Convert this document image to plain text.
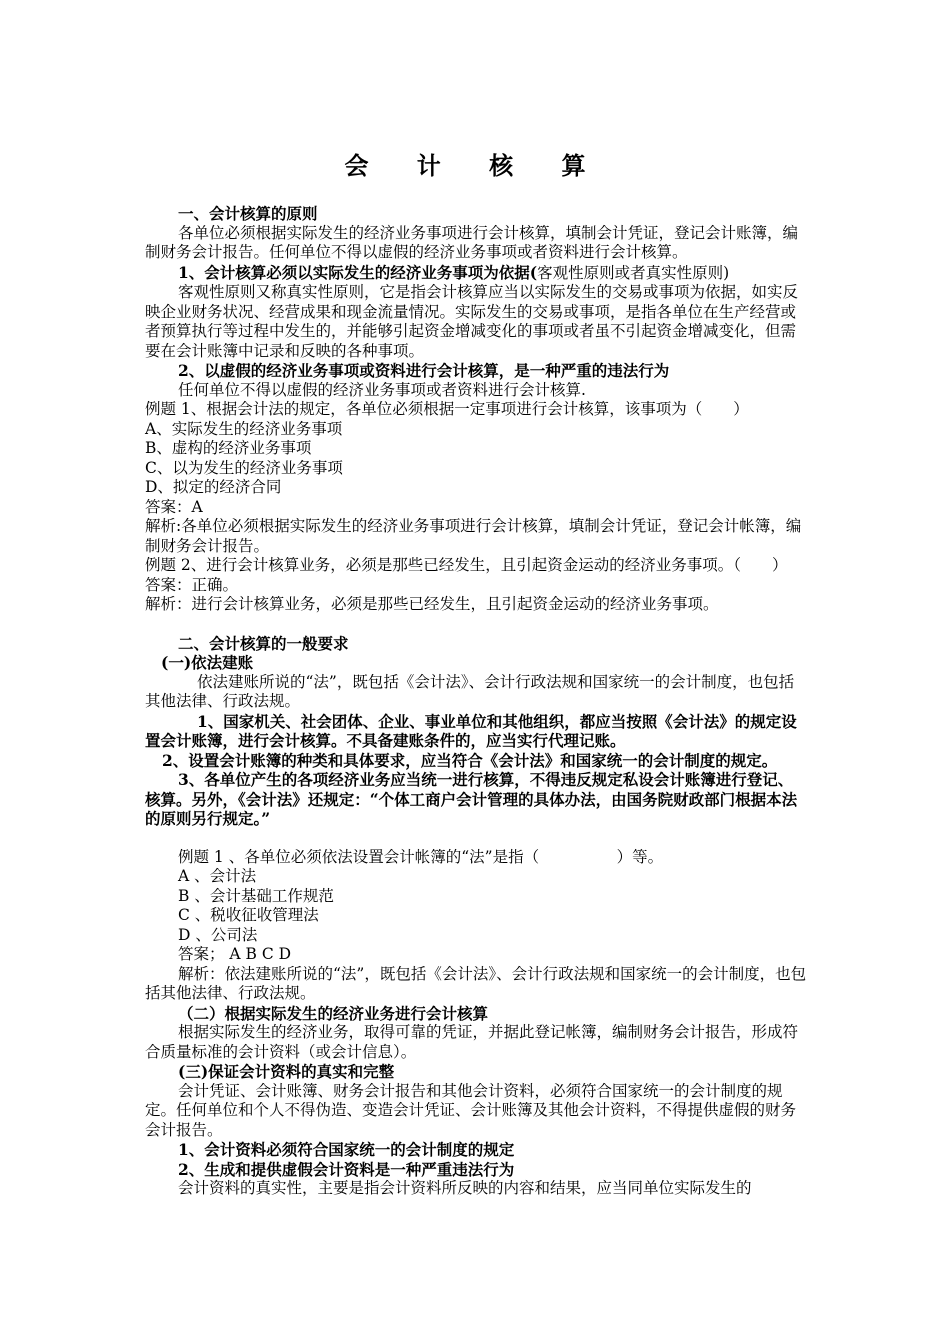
会 计 核 算

一、会计核算的原则

各单位必须根据实际发生的经济业务事项进行会计核算，填制会计凭证，登记会计账簿，编制财务会计报告。任何单位不得以虚假的经济业务事项或者资料进行会计核算。

1、会计核算必须以实际发生的经济业务事项为依据(客观性原则或者真实性原则)

客观性原则又称真实性原则，它是指会计核算应当以实际发生的交易或事项为依据，如实反映企业财务状况、经营成果和现金流量情况。实际发生的交易或事项，是指各单位在生产经营或者预算执行等过程中发生的，并能够引起资金增减变化的事项或者虽不引起资金增减变化，但需要在会计账簿中记录和反映的各种事项。

2、以虚假的经济业务事项或资料进行会计核算，是一种严重的违法行为

任何单位不得以虚假的经济业务事项或者资料进行会计核算.

例题 1、根据会计法的规定，各单位必须根据一定事项进行会计核算，该事项为（　　）

A、实际发生的经济业务事项

B、虚构的经济业务事项

C、以为发生的经济业务事项

D、拟定的经济合同

答案：A

解析:各单位必须根据实际发生的经济业务事项进行会计核算，填制会计凭证，登记会计帐簿，编制财务会计报告。

例题 2、进行会计核算业务，必须是那些已经发生，且引起资金运动的经济业务事项。（　　）

答案：正确。

解析：进行会计核算业务，必须是那些已经发生，且引起资金运动的经济业务事项。

二、会计核算的一般要求

(一)依法建账

依法建账所说的“法”，既包括《会计法》、会计行政法规和国家统一的会计制度，也包括其他法律、行政法规。

1、国家机关、社会团体、企业、事业单位和其他组织，都应当按照《会计法》的规定设置会计账簿，进行会计核算。不具备建账条件的，应当实行代理记账。

2、设置会计账簿的种类和具体要求，应当符合《会计法》和国家统一的会计制度的规定。

3、各单位产生的各项经济业务应当统一进行核算，不得违反规定私设会计账簿进行登记、核算。另外，《会计法》还规定：“个体工商户会计管理的具体办法，由国务院财政部门根据本法的原则另行规定。”

例题 1 、各单位必须依法设置会计帐簿的“法”是指（　　　　　）等。

A 、会计法

B 、会计基础工作规范

C 、税收征收管理法

D 、公司法

答案； A B C D

解析：依法建账所说的“法”，既包括《会计法》、会计行政法规和国家统一的会计制度，也包括其他法律、行政法规。

（二）根据实际发生的经济业务进行会计核算

根据实际发生的经济业务，取得可靠的凭证，并据此登记帐簿，编制财务会计报告，形成符合质量标准的会计资料（或会计信息）。

(三)保证会计资料的真实和完整

会计凭证、会计账簿、财务会计报告和其他会计资料，必须符合国家统一的会计制度的规定。任何单位和个人不得伪造、变造会计凭证、会计账簿及其他会计资料，不得提供虚假的财务会计报告。

1、会计资料必须符合国家统一的会计制度的规定

2、生成和提供虚假会计资料是一种严重违法行为

会计资料的真实性，主要是指会计资料所反映的内容和结果，应当同单位实际发生的
